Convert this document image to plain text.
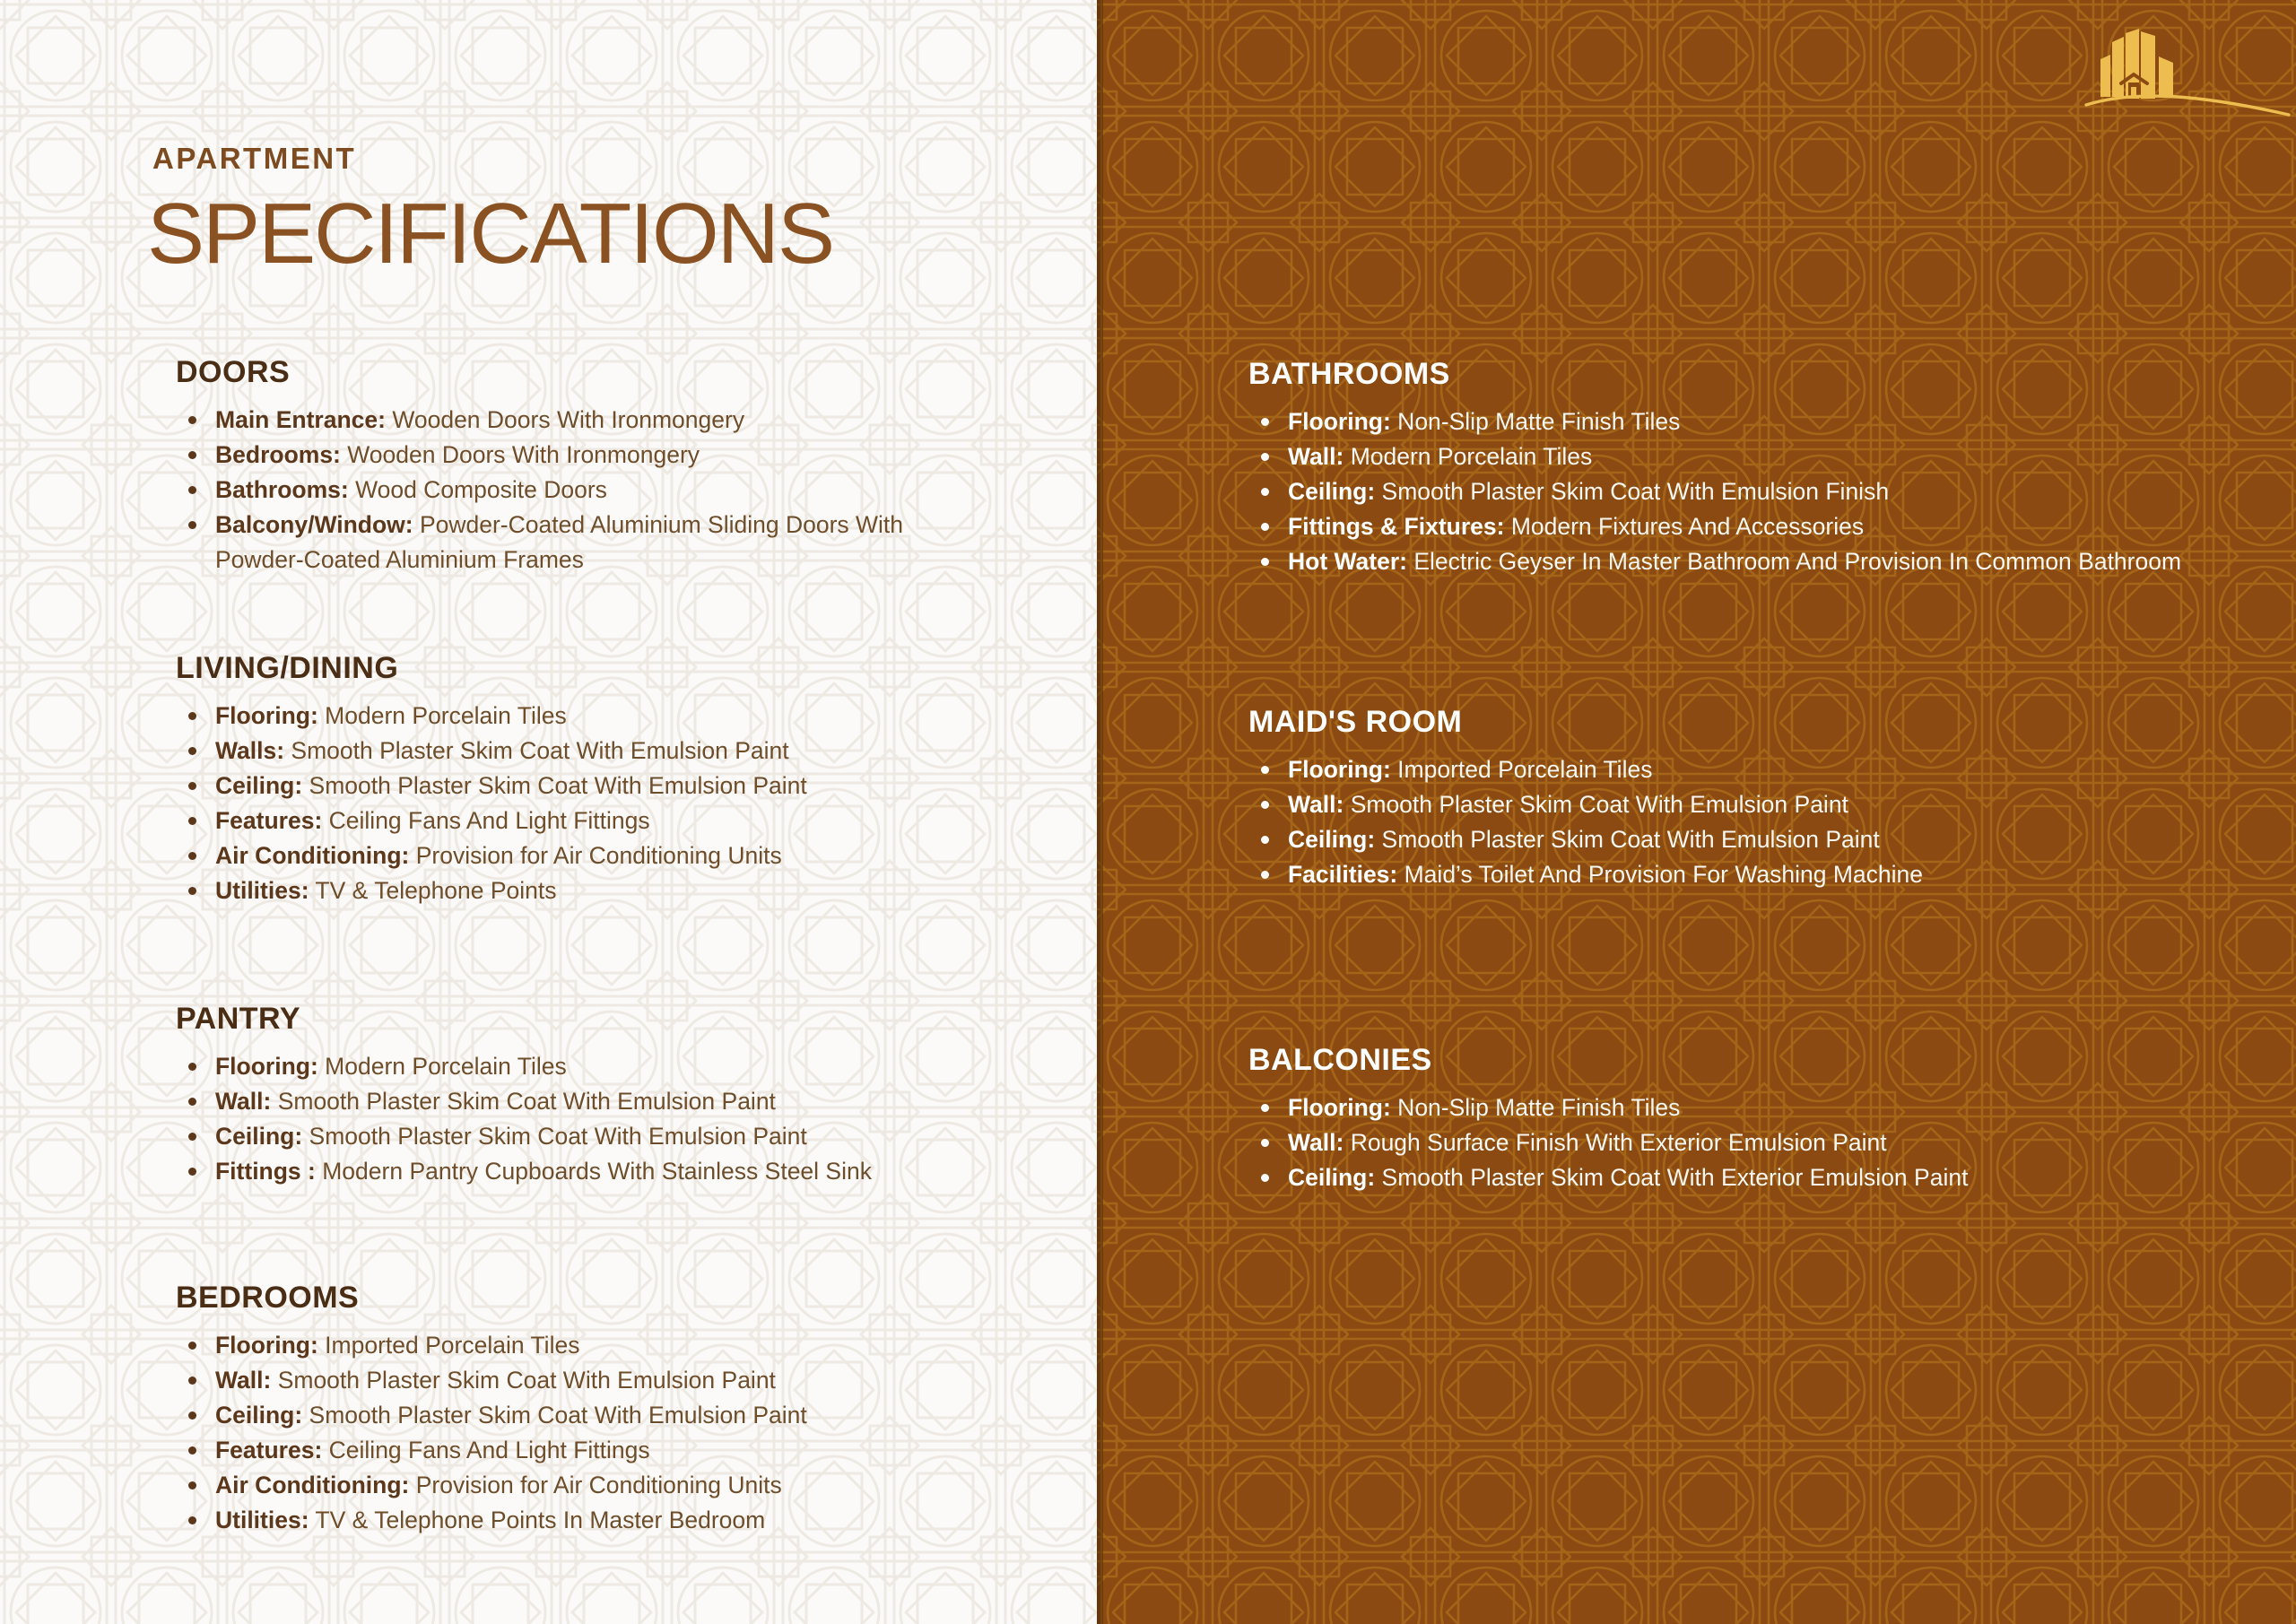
APARTMENT
SPECIFICATIONS
DOORS
Main Entrance: Wooden Doors With Ironmongery
Bedrooms: Wooden Doors With Ironmongery
Bathrooms: Wood Composite Doors
Balcony/Window: Powder-Coated Aluminium Sliding Doors With Powder-Coated Aluminium Frames
LIVING/DINING
Flooring: Modern Porcelain Tiles
Walls: Smooth Plaster Skim Coat With Emulsion Paint
Ceiling: Smooth Plaster Skim Coat With Emulsion Paint
Features: Ceiling Fans And Light Fittings
Air Conditioning: Provision for Air Conditioning Units
Utilities: TV & Telephone Points
PANTRY
Flooring: Modern Porcelain Tiles
Wall: Smooth Plaster Skim Coat With Emulsion Paint
Ceiling: Smooth Plaster Skim Coat With Emulsion Paint
Fittings : Modern Pantry Cupboards With Stainless Steel Sink
BEDROOMS
Flooring: Imported Porcelain Tiles
Wall: Smooth Plaster Skim Coat With Emulsion Paint
Ceiling: Smooth Plaster Skim Coat With Emulsion Paint
Features: Ceiling Fans And Light Fittings
Air Conditioning: Provision for Air Conditioning Units
Utilities: TV & Telephone Points In Master Bedroom
BATHROOMS
Flooring: Non-Slip Matte Finish Tiles
Wall: Modern Porcelain Tiles
Ceiling: Smooth Plaster Skim Coat With Emulsion Finish
Fittings & Fixtures: Modern Fixtures And Accessories
Hot Water: Electric Geyser In Master Bathroom And Provision In Common Bathroom
MAID'S ROOM
Flooring: Imported Porcelain Tiles
Wall: Smooth Plaster Skim Coat With Emulsion Paint
Ceiling: Smooth Plaster Skim Coat With Emulsion Paint
Facilities: Maid’s Toilet And Provision For Washing Machine
BALCONIES
Flooring: Non-Slip Matte Finish Tiles
Wall: Rough Surface Finish With Exterior Emulsion Paint
Ceiling: Smooth Plaster Skim Coat With Exterior Emulsion Paint
